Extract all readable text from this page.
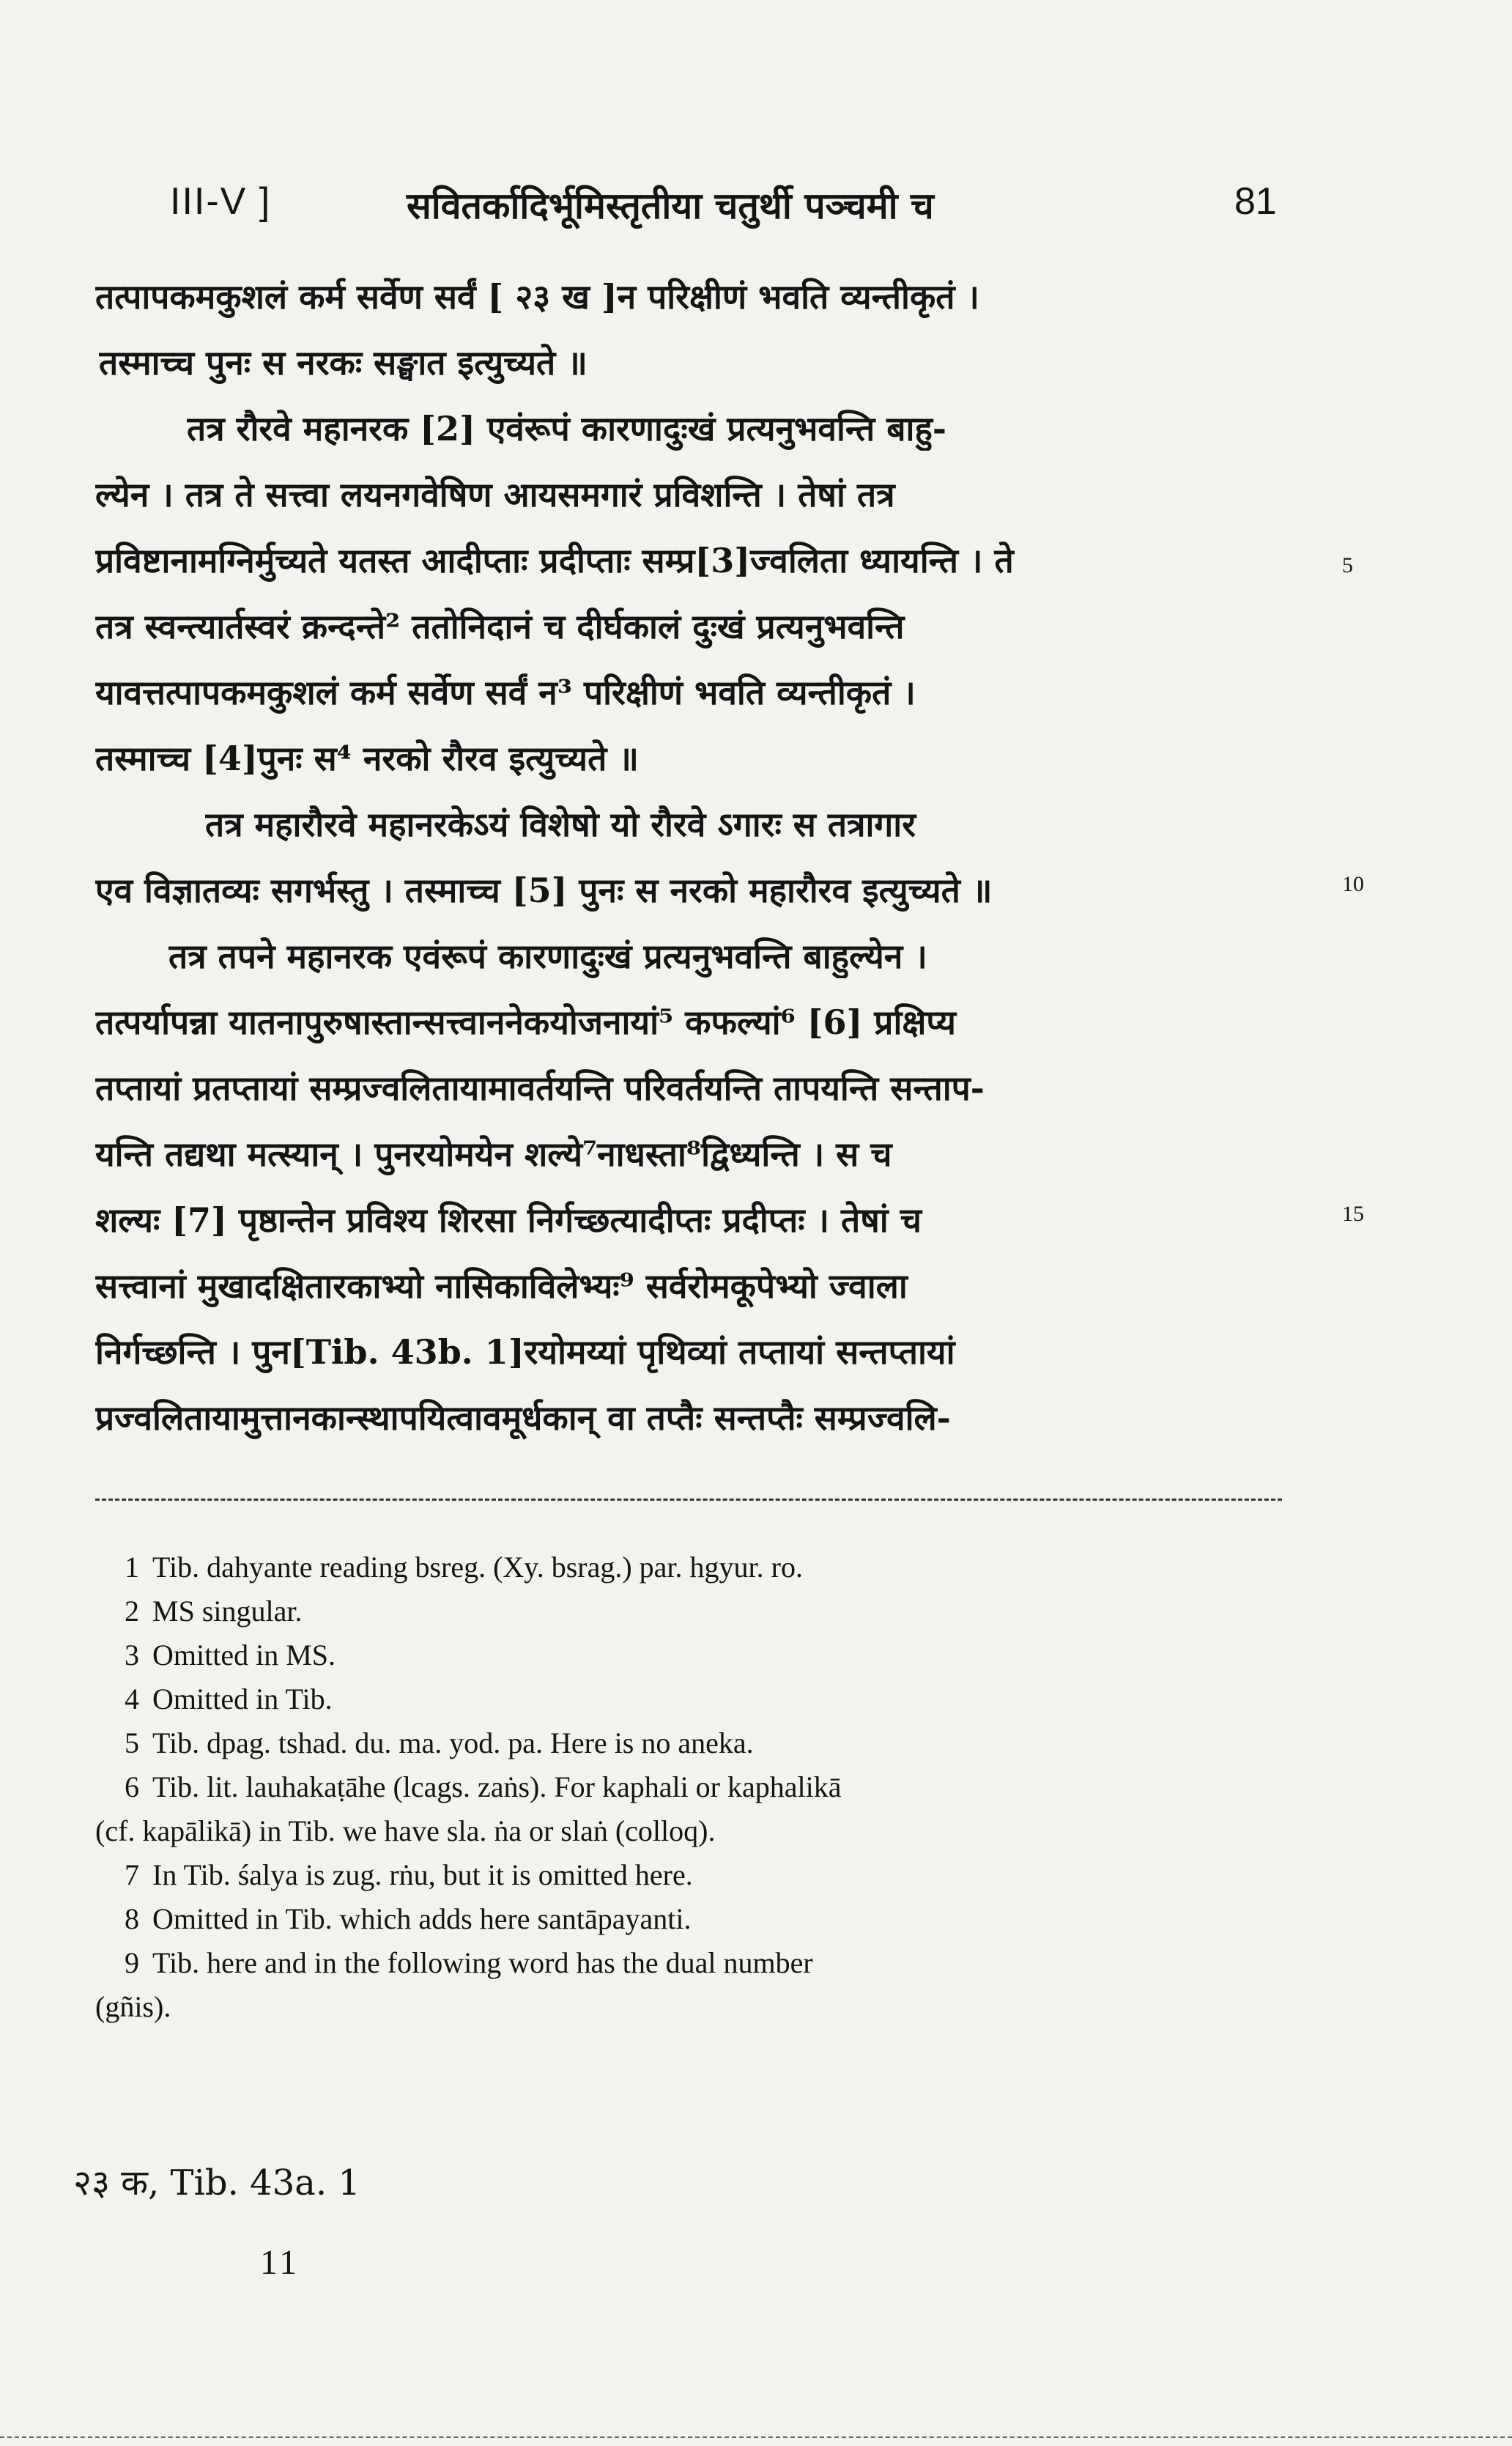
III-V ]	सवितर्कादिर्भूमिस्तृतीया चतुर्थी पञ्चमी च	81
तत्पापकमकुशलं कर्म सर्वेण सर्वं [ २३ ख ]न परिक्षीणं भवति व्यन्तीकृतं ।
तस्माच्च पुनः स नरकः सङ्घात इत्युच्यते ॥
तत्र रौरवे महानरक [2] एवंरूपं कारणादुःखं प्रत्यनुभवन्ति बाहु-
ल्येन । तत्र ते सत्त्वा लयनगवेषिण आयसमगारं प्रविशन्ति । तेषां तत्र
प्रविष्टानामग्निर्मुच्यते यतस्त आदीप्ताः प्रदीप्ताः सम्प्र[3]ज्वलिता ध्यायन्ति । ते
तत्र स्वन्त्यार्तस्वरं क्रन्दन्ते² ततोनिदानं च दीर्घकालं दुःखं प्रत्यनुभवन्ति
यावत्तत्पापकमकुशलं कर्म सर्वेण सर्वं न³ परिक्षीणं भवति व्यन्तीकृतं ।
तस्माच्च [4]पुनः स⁴ नरको रौरव इत्युच्यते ॥
तत्र महारौरवे महानरकेऽयं विशेषो यो रौरवे ऽगारः स तत्रागार
एव विज्ञातव्यः सगर्भस्तु । तस्माच्च [5] पुनः स नरको महारौरव इत्युच्यते ॥
तत्र तपने महानरक एवंरूपं कारणादुःखं प्रत्यनुभवन्ति बाहुल्येन ।
तत्पर्यापन्ना यातनापुरुषास्तान्सत्त्वाननेकयोजनायां⁵ कफल्यां⁶ [6] प्रक्षिप्य
तप्तायां प्रतप्तायां सम्प्रज्वलितायामावर्तयन्ति परिवर्तयन्ति तापयन्ति सन्ताप-
यन्ति तद्यथा मत्स्यान् । पुनरयोमयेन शल्ये⁷नाधस्ता⁸द्विध्यन्ति । स च
शल्यः [7] पृष्ठान्तेन प्रविश्य शिरसा निर्गच्छत्यादीप्तः प्रदीप्तः । तेषां च
सत्त्वानां मुखादक्षितारकाभ्यो नासिकाविलेभ्यः⁹ सर्वरोमकूपेभ्यो ज्वाला
निर्गच्छन्ति । पुन[Tib. 43b. 1]रयोमय्यां पृथिव्यां तप्तायां सन्तप्तायां
प्रज्वलितायामुत्तानकान्स्थापयित्वावमूर्धकान् वा तप्तैः सन्तप्तैः सम्प्रज्वलि-
5
10
15
1 Tib. dahyante reading bsreg. (Xy. bsrag.) par. hgyur. ro.
2 MS singular.
3 Omitted in MS.
4 Omitted in Tib.
5 Tib. dpag. tshad. du. ma. yod. pa. Here is no aneka.
6 Tib. lit. lauhakaṭāhe (lcags. zaṅs). For kaphali or kaphalikā
(cf. kapālikā) in Tib. we have sla. ṅa or slaṅ (colloq).
7 In Tib. śalya is zug. rṅu, but it is omitted here.
8 Omitted in Tib. which adds here santāpayanti.
9 Tib. here and in the following word has the dual number
(gñis).
२३ क, Tib. 43a. 1
11
